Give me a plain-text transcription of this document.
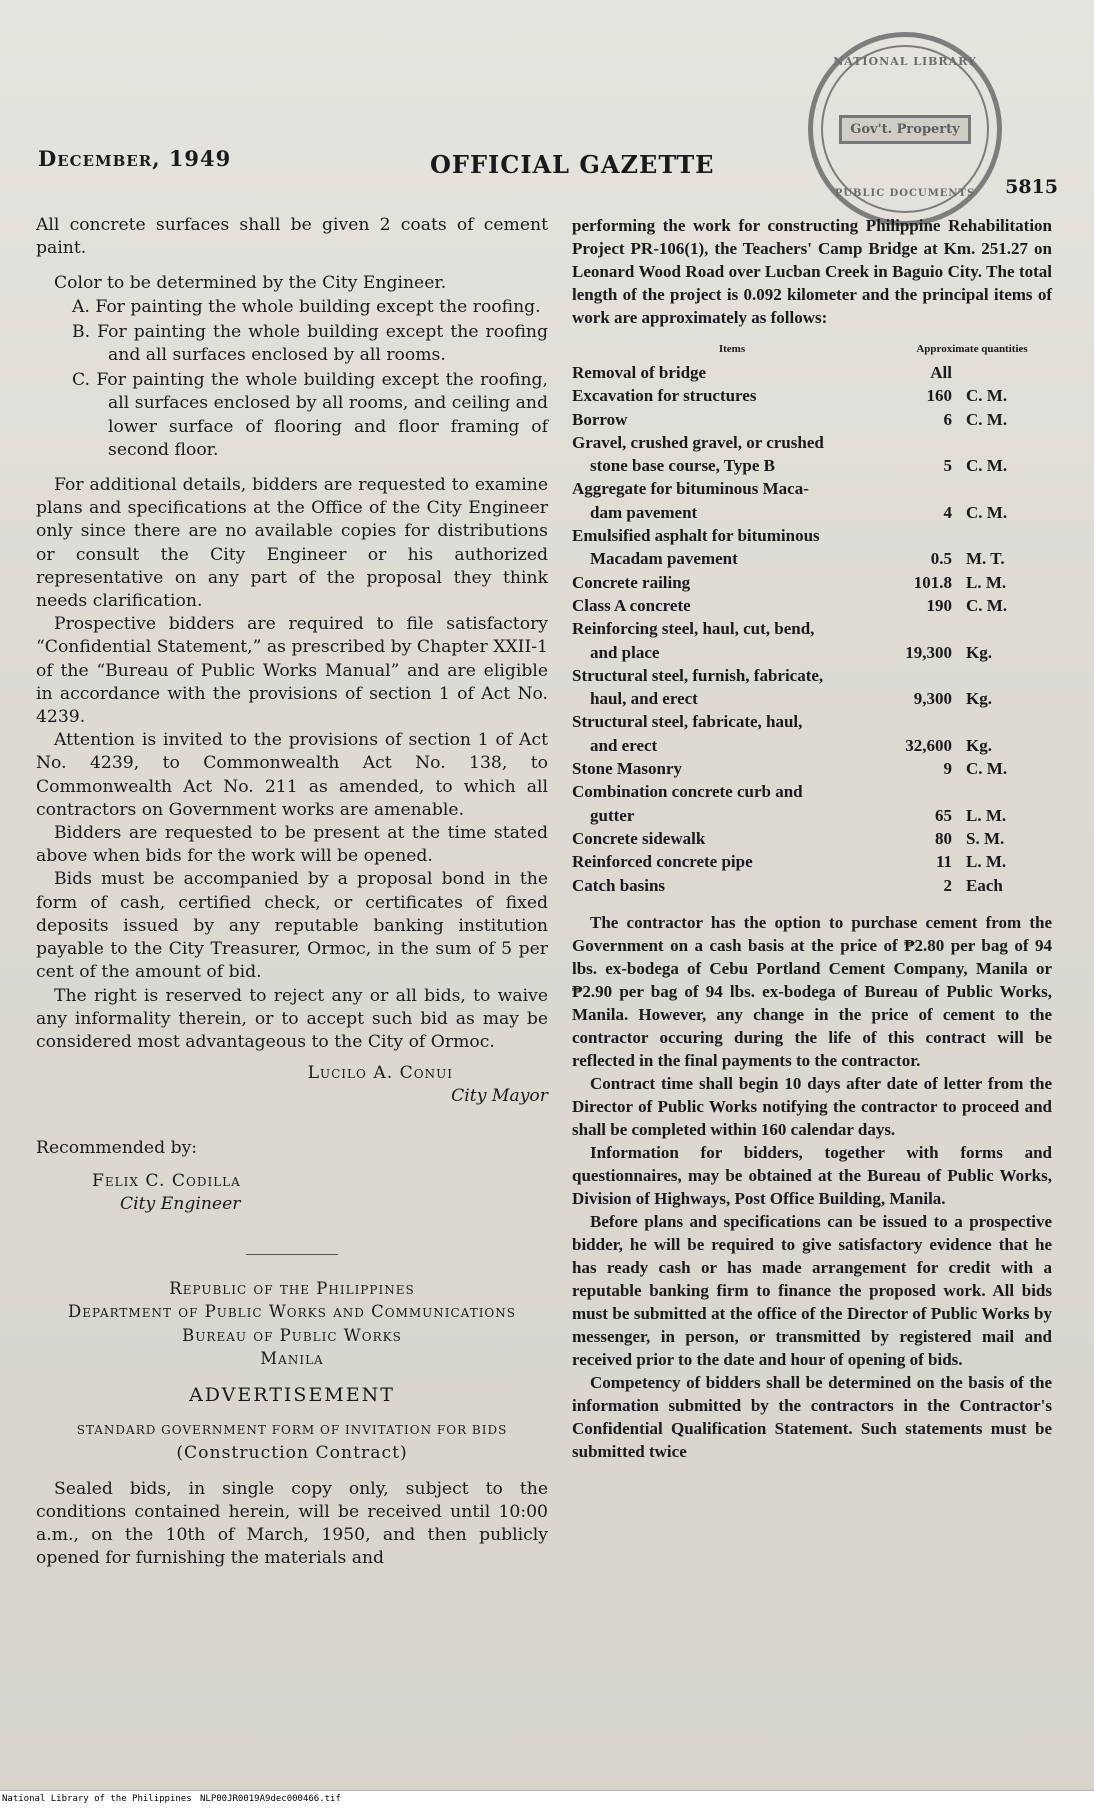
December, 1949	OFFICIAL GAZETTE
5815
NATIONAL LIBRARY
Gov't. Property
PUBLIC DOCUMENTS

All concrete surfaces shall be given 2 coats of cement paint.

Color to be determined by the City Engineer.

A. For painting the whole building except the roofing.

B. For painting the whole building except the roofing and all surfaces enclosed by all rooms.

C. For painting the whole building except the roofing, all surfaces enclosed by all rooms, and ceiling and lower surface of flooring and floor framing of second floor.

For additional details, bidders are requested to examine plans and specifications at the Office of the City Engineer only since there are no available copies for distributions or consult the City Engineer or his authorized representative on any part of the proposal they think needs clarification.

Prospective bidders are required to file satisfactory “Confidential Statement,” as prescribed by Chapter XXII-1 of the “Bureau of Public Works Manual” and are eligible in accordance with the provisions of section 1 of Act No. 4239.

Attention is invited to the provisions of section 1 of Act No. 4239, to Commonwealth Act No. 138, to Commonwealth Act No. 211 as amended, to which all contractors on Government works are amenable.

Bidders are requested to be present at the time stated above when bids for the work will be opened.

Bids must be accompanied by a proposal bond in the form of cash, certified check, or certificates of fixed deposits issued by any reputable banking institution payable to the City Treasurer, Ormoc, in the sum of 5 per cent of the amount of bid.

The right is reserved to reject any or all bids, to waive any informality therein, or to accept such bid as may be considered most advantageous to the City of Ormoc.

Lucilo A. Conui
City Mayor
Recommended by:
Felix C. Codilla
City Engineer
Republic of the Philippines
Department of Public Works and Communications
Bureau of Public Works
Manila
ADVERTISEMENT
STANDARD GOVERNMENT FORM OF INVITATION FOR BIDS
(Construction Contract)

Sealed bids, in single copy only, subject to the conditions contained herein, will be received until 10:00 a.m., on the 10th of March, 1950, and then publicly opened for furnishing the materials and

performing the work for constructing Philippine Rehabilitation Project PR-106(1), the Teachers' Camp Bridge at Km. 251.27 on Leonard Wood Road over Lucban Creek in Baguio City. The total length of the project is 0.092 kilometer and the principal items of work are approximately as follows:

Items	Approximate quantities
Removal of bridge	All
Excavation for structures	160 C. M.
Borrow	6 C. M.
Gravel, crushed gravel, or crushed
stone base course, Type B	5 C. M.
Aggregate for bituminous Maca-
dam pavement	4 C. M.
Emulsified asphalt for bituminous
Macadam pavement	0.5 M. T.
Concrete railing	101.8 L. M.
Class A concrete	190 C. M.
Reinforcing steel, haul, cut, bend,
and place	19,300 Kg.
Structural steel, furnish, fabricate,
haul, and erect	9,300 Kg.
Structural steel, fabricate, haul,
and erect	32,600 Kg.
Stone Masonry	9 C. M.
Combination concrete curb and
gutter	65 L. M.
Concrete sidewalk	80 S. M.
Reinforced concrete pipe	11 L. M.
Catch basins	2 Each

The contractor has the option to purchase cement from the Government on a cash basis at the price of ₱2.80 per bag of 94 lbs. ex-bodega of Cebu Portland Cement Company, Manila or ₱2.90 per bag of 94 lbs. ex-bodega of Bureau of Public Works, Manila. However, any change in the price of cement to the contractor occuring during the life of this contract will be reflected in the final payments to the contractor.

Contract time shall begin 10 days after date of letter from the Director of Public Works notifying the contractor to proceed and shall be completed within 160 calendar days.

Information for bidders, together with forms and questionnaires, may be obtained at the Bureau of Public Works, Division of Highways, Post Office Building, Manila.

Before plans and specifications can be issued to a prospective bidder, he will be required to give satisfactory evidence that he has ready cash or has made arrangement for credit with a reputable banking firm to finance the proposed work. All bids must be submitted at the office of the Director of Public Works by messenger, in person, or transmitted by registered mail and received prior to the date and hour of opening of bids.

Competency of bidders shall be determined on the basis of the information submitted by the contractors in the Contractor's Confidential Qualification Statement. Such statements must be submitted twice

National Library of the Philippines NLP00JR0019A9dec000466.tif
